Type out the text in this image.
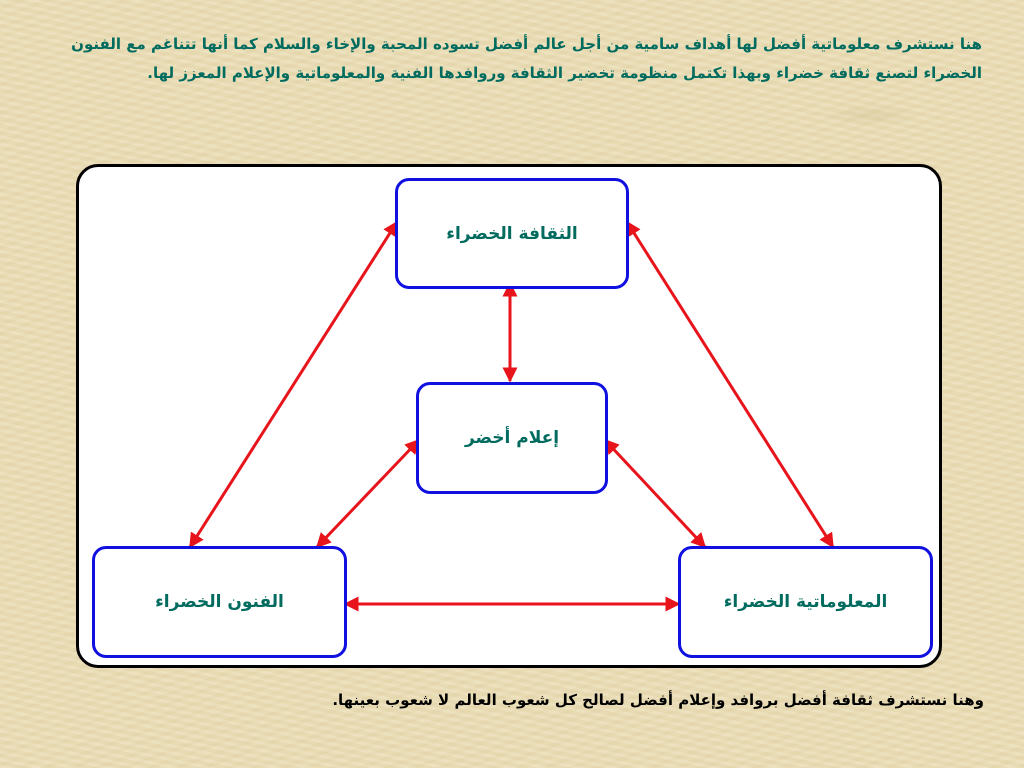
هنا نستشرف معلوماتية أفضل لها أهداف سامية من أجل عالم أفضل تسوده المحبة والإخاء والسلام كما أنها تتناغم مع الفنون الخضراء لتصنع ثقافة خضراء وبهذا تكتمل منظومة تخضير الثقافة وروافدها الفنية والمعلوماتية والإعلام المعزز لها.

الثقافة الخضراء
إعلام أخضر
الفنون الخضراء	المعلوماتية الخضراء

وهنا نستشرف ثقافة أفضل بروافد وإعلام أفضل لصالح كل شعوب العالم لا شعوب بعينها.
